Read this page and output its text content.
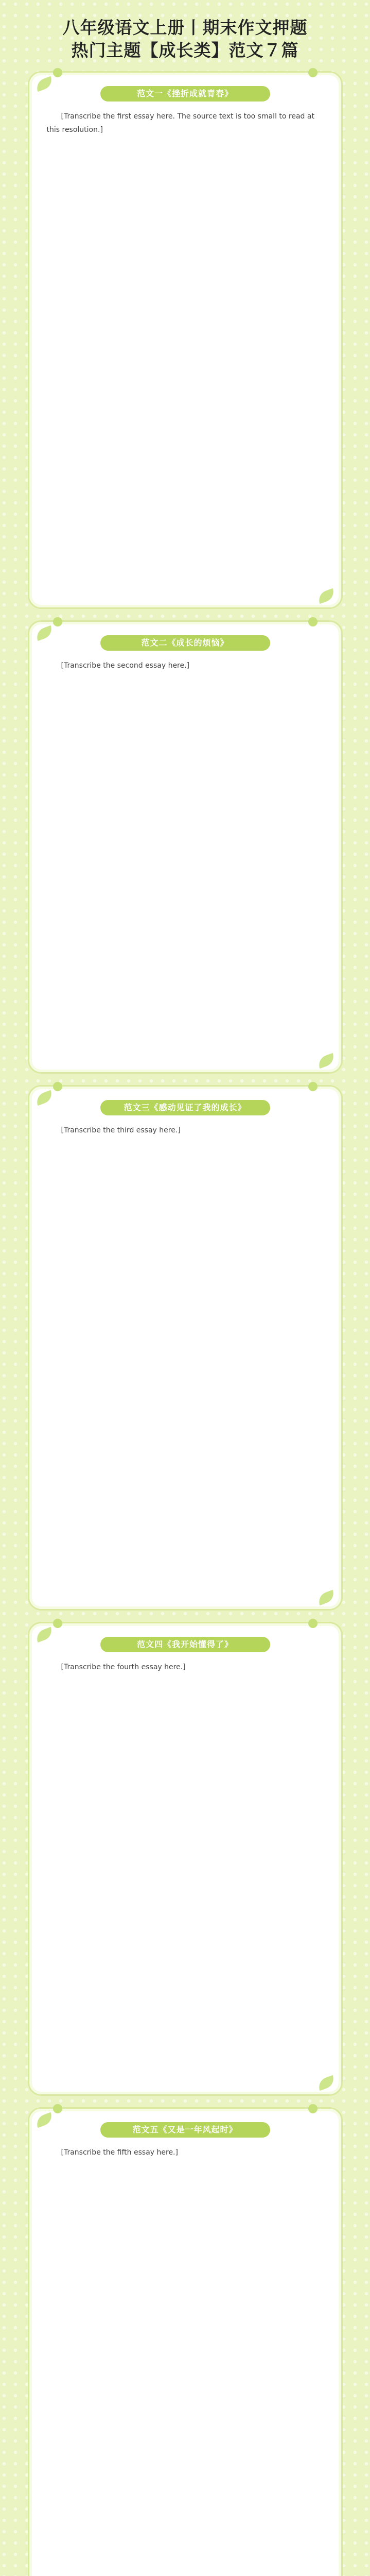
八年级语文上册丨期末作文押题
热门主题【成长类】范文７篇
范文一《挫折成就青春》

[Transcribe the first essay here. The source text is too small to read at this resolution.]

范文二《成长的烦恼》

[Transcribe the second essay here.]

范文三《感动见证了我的成长》

[Transcribe the third essay here.]

范文四《我开始懂得了》

[Transcribe the fourth essay here.]

范文五《又是一年风起时》

[Transcribe the fifth essay here.]
